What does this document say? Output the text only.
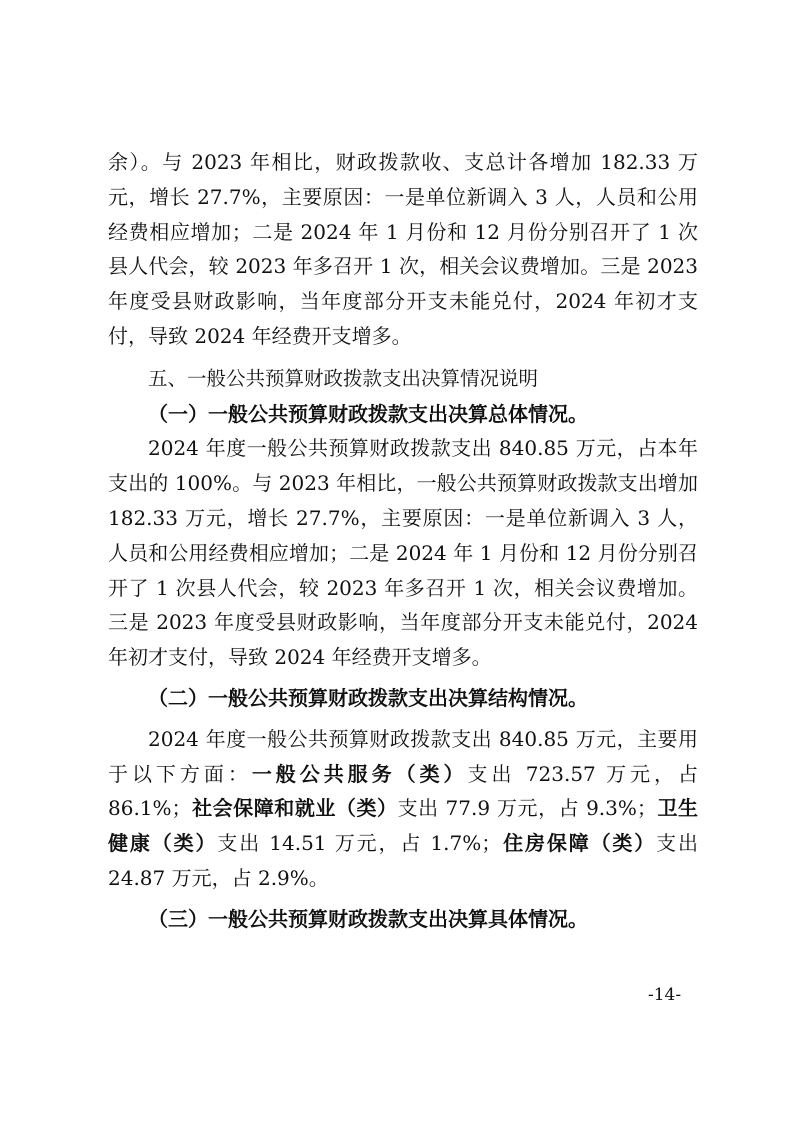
余）。与 2023 年相比，财政拨款收、支总计各增加 182.33 万元，增长 27.7%，主要原因：一是单位新调入 3 人，人员和公用经费相应增加；二是 2024 年 1 月份和 12 月份分别召开了 1 次县人代会，较 2023 年多召开 1 次，相关会议费增加。三是 2023 年度受县财政影响，当年度部分开支未能兑付，2024 年初才支付，导致 2024 年经费开支增多。

五、一般公共预算财政拨款支出决算情况说明

（一）一般公共预算财政拨款支出决算总体情况。

2024 年度一般公共预算财政拨款支出 840.85 万元，占本年支出的 100%。与 2023 年相比，一般公共预算财政拨款支出增加 182.33 万元，增长 27.7%，主要原因：一是单位新调入 3 人，人员和公用经费相应增加；二是 2024 年 1 月份和 12 月份分别召开了 1 次县人代会，较 2023 年多召开 1 次，相关会议费增加。三是 2023 年度受县财政影响，当年度部分开支未能兑付，2024 年初才支付，导致 2024 年经费开支增多。

（二）一般公共预算财政拨款支出决算结构情况。

2024 年度一般公共预算财政拨款支出 840.85 万元，主要用于以下方面：一般公共服务（类）支出 723.57 万元，占 86.1%；社会保障和就业（类）支出 77.9 万元，占 9.3%；卫生健康（类）支出 14.51 万元，占 1.7%；住房保障（类）支出 24.87 万元，占 2.9%。

（三）一般公共预算财政拨款支出决算具体情况。

-14-
